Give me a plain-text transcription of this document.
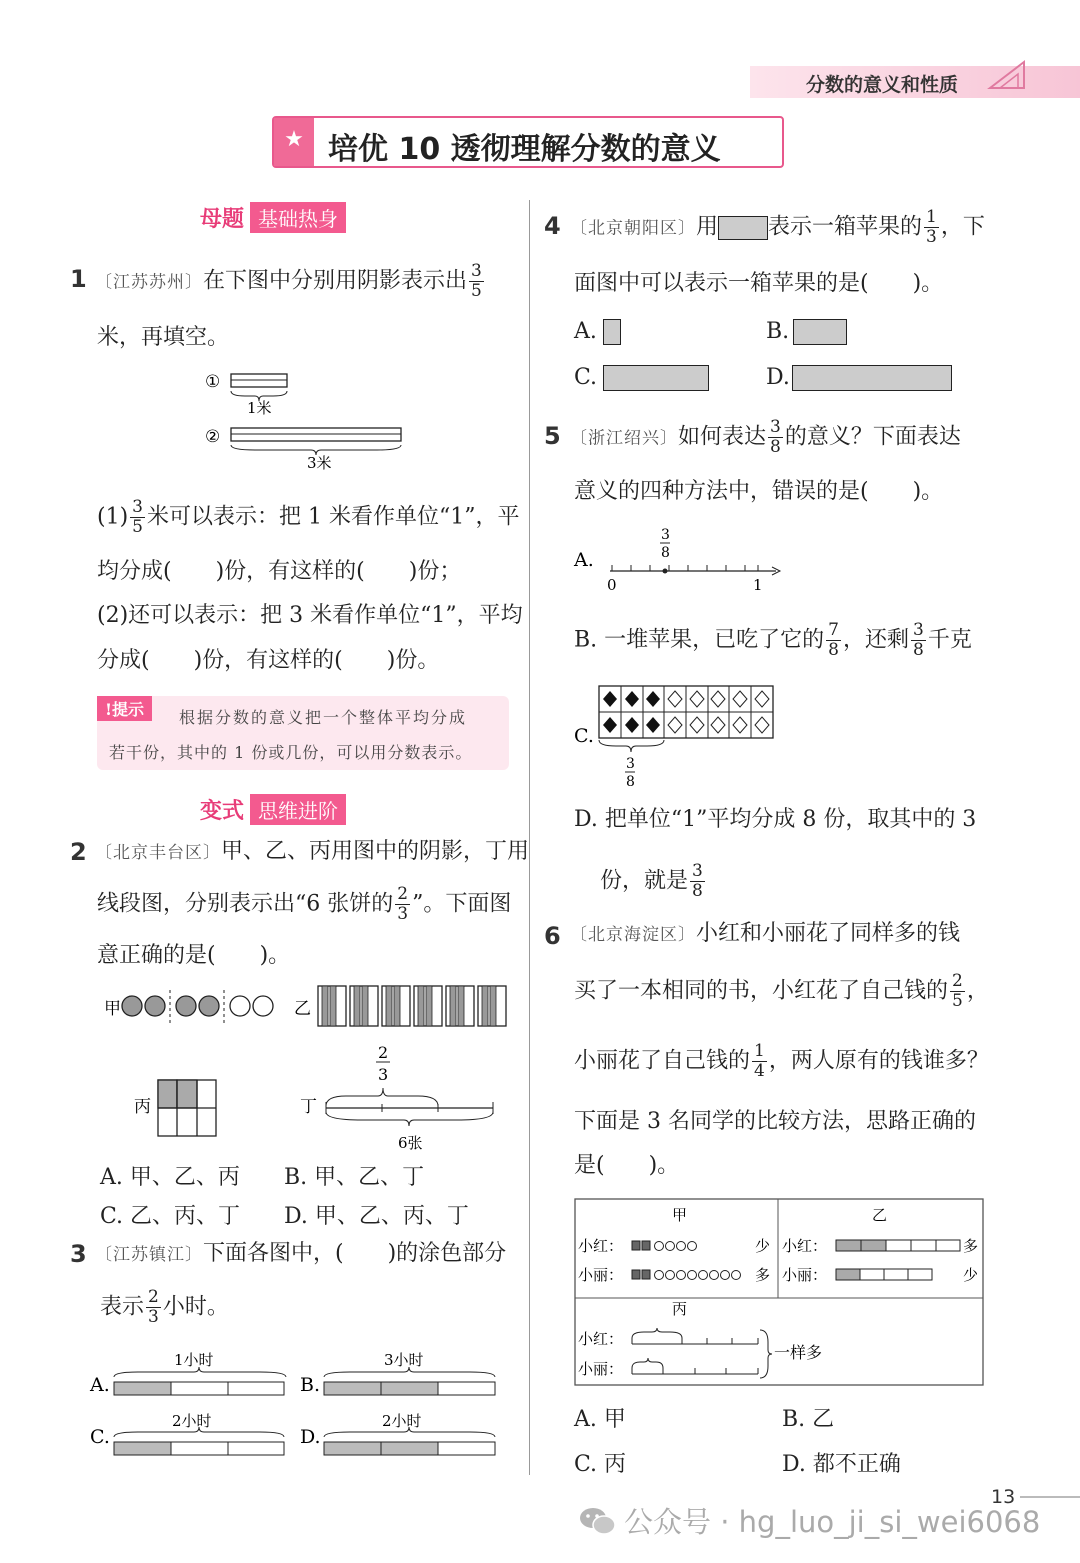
分数的意义和性质
★ 培优 10 透彻理解分数的意义
母题 基础热身
1 〔江苏苏州〕在下图中分别用阴影表示出 $\frac{3}{5}$
米，再填空。
①
1米
②
3米
$(1) \frac{3}{5}$ 米可以表示：把 1 米看作单位“1”，平
均分成(　　)份，有这样的(　　)份；
(2)还可以表示：把 3 米看作单位“1”，平均
分成(　　)份，有这样的(　　)份。
!提示	根据分数的意义把一个整体平均分成
若干份，其中的 1 份或几份，可以用分数表示。
变式 思维进阶
2 〔北京丰台区〕甲、乙、丙用图中的阴影，丁用
线段图，分别表示出“6 张饼的 $\frac{2}{3}$ ”。下面图
意正确的是(　　)。
甲	乙
丙	丁
2
3
6张
A. 甲、乙、丙 B. 甲、乙、丁
C. 乙、丙、丁 D. 甲、乙、丙、丁
3 〔江苏镇江〕下面各图中，(　　)的涂色部分
表示 $\frac{2}{3}$ 小时。
A.
1小时
B.
3小时
C.
2小时
D.
2小时
4 〔北京朝阳区〕用 表示一箱苹果的 $\frac{1}{3}$ ，下
面图中可以表示一箱苹果的是(　　)。
A.	B.
C.	D.
5 〔浙江绍兴〕如何表达 $\frac{3}{8}$ 的意义？下面表达
意义的四种方法中，错误的是(　　)。
A.
3
8
0	1
B. 一堆苹果，已吃了它的 $\frac{7}{8}$ ，还剩 $\frac{3}{8}$ 千克
C.
3
8
D. 把单位“1”平均分成 8 份，取其中的 3
份，就是 $\frac{3}{8}$
6 〔北京海淀区〕小红和小丽花了同样多的钱
买了一本相同的书，小红花了自己钱的 $\frac{2}{5}$ ，
小丽花了自己钱的 $\frac{1}{4}$ ，两人原有的钱谁多？
下面是 3 名同学的比较方法，思路正确的
是(　　)。
甲
小红：	少
小丽：	多
乙
小红：	多
小丽：	少
丙
小红：
小丽：
一样多
A. 甲	B. 乙
C. 丙	D. 都不正确
13
公众号 · hg_luo_ji_si_wei6068
